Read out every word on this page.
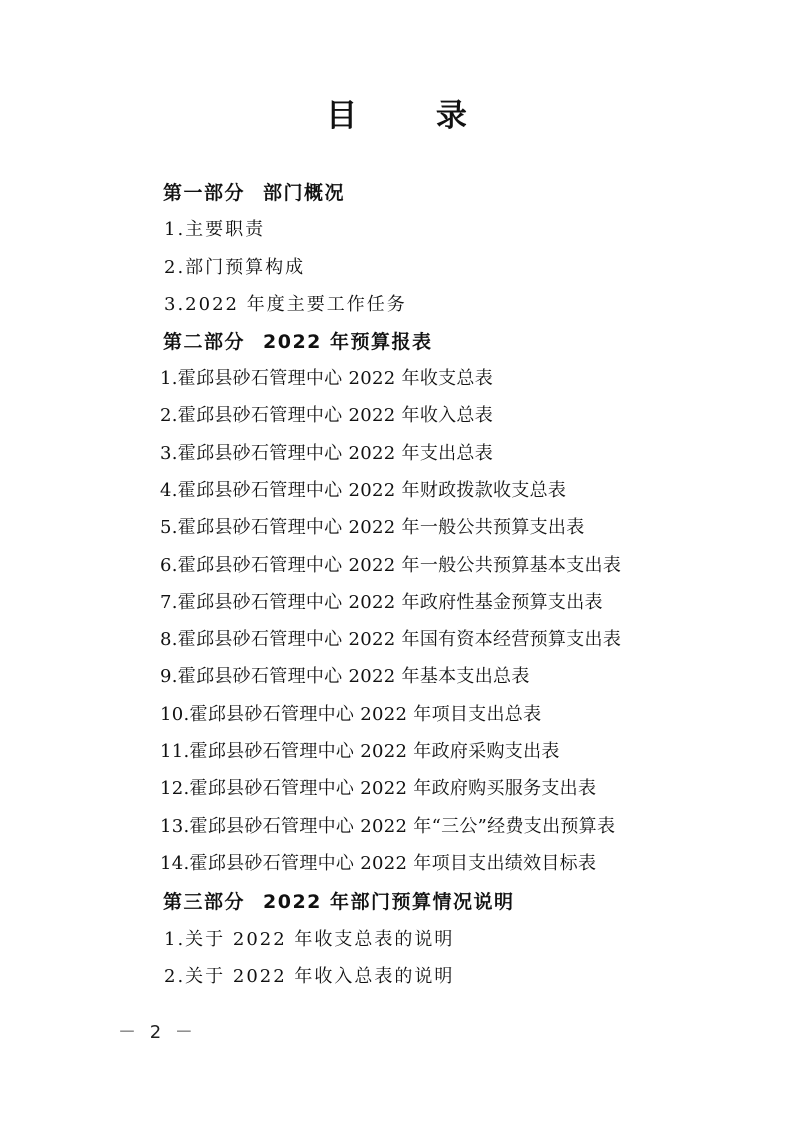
目 录
第一部分 部门概况
1.主要职责
2.部门预算构成
3.2022 年度主要工作任务
第二部分 2022 年预算报表
1.霍邱县砂石管理中心 2022 年收支总表
2.霍邱县砂石管理中心 2022 年收入总表
3.霍邱县砂石管理中心 2022 年支出总表
4.霍邱县砂石管理中心 2022 年财政拨款收支总表
5.霍邱县砂石管理中心 2022 年一般公共预算支出表
6.霍邱县砂石管理中心 2022 年一般公共预算基本支出表
7.霍邱县砂石管理中心 2022 年政府性基金预算支出表
8.霍邱县砂石管理中心 2022 年国有资本经营预算支出表
9.霍邱县砂石管理中心 2022 年基本支出总表
10.霍邱县砂石管理中心 2022 年项目支出总表
11.霍邱县砂石管理中心 2022 年政府采购支出表
12.霍邱县砂石管理中心 2022 年政府购买服务支出表
13.霍邱县砂石管理中心 2022 年“三公”经费支出预算表
14.霍邱县砂石管理中心 2022 年项目支出绩效目标表
第三部分 2022 年部门预算情况说明
1.关于 2022 年收支总表的说明
2.关于 2022 年收入总表的说明
－ 2 －
